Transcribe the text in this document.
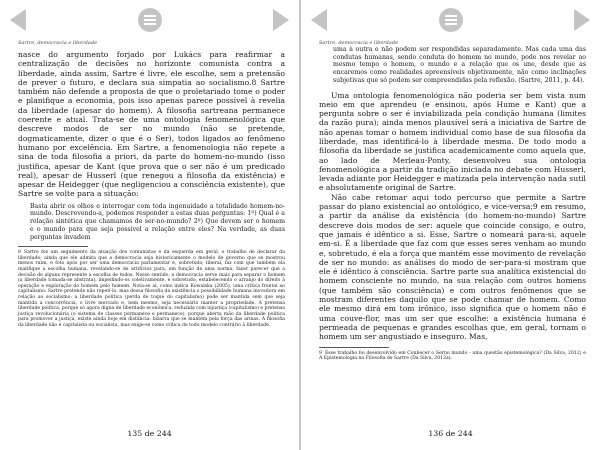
Sartre, democracia e liberdade

nasce do argumento forjado por Lukács para reafirmar a centralização de decisões no horizonte comunista contra a liberdade, ainda assim, Sartre é livre, ele escolhe, sem a pretensão de prever o futuro, e declara sua simpatia ao socialismo.8 Sartre também não defende a proposta de que o proletariado tome o poder e planifique a economia, pois isso apenas parece possível à revelia da liberdade (apesar do homem). A filosofia sartreana permanece coerente e atual. Trata-se de uma ontologia fenomenológica que descreve modos de ser no mundo (não se pretende, dogmaticamente, dizer o que é o Ser), todos ligados ao fenômeno humano por excelência. Em Sartre, a fenomenologia não repete a sina de toda filosofia a priori, da parte do homem-no-mundo (isso justifica, apesar de Kant (que prova que o ser não é um predicado real), apesar de Husserl (que renegou a filosofia da existência) e apesar de Heidegger (que negligenciou a consciência existente), que Sartre se volte para a situação:

Basta abrir os olhos e interrogar com toda ingenuidade a totalidade homem-no-mundo. Descrevendo-a, podemos responder a estas duas perguntas: 1º) Qual é a relação sintética que chamamos de ser-no-mundo? 2º) Que devem ser o homem e o mundo para que seja possível a relação entre eles? Na verdade, as duas perguntas invadem
8 Sartre fez um seguimento da atuação dos comunistas e da esquerda em geral, o trabalho de declarar da liberdade; ainda que ele admita que a democracia seja historicamente o modelo de governo que se mostrou menos ruim, e foto após por ser uma democracia parlamentar e, sobretudo, liberal, faz com que também ela matifique a escolha humana, revelando-se de artifícios para, em função de uma norma, fazer parecer que a decisão de alguns represente a escolha de todos. Nesse sentido, a democracia serve mais para separar o homem (a liberdade tomada-se abstrata), impedindo-os coletivamente, e sobretudo, estabelecendo o arranjo do direito à operação e exploração do homem pelo homem. Nota-se aí, como indica Kowalska (2005), uma crítica frontal ao capitalismo: Sartre pretende não repetí-lo, mas dessa filosofia da existência o possibilidade humana inovadora em relação ao socialismo: a liberdade política (perda de toque do capitalismo) pode ser mantida sem que seja mantida a concorrência, o livre mercado e, nem mesmo, seja necessário manter a propriedade. A pretensa liberdade política, porque só agora digna de liberdade econômica, reduzida com injustiça (capitalismo) e pretensa justiça revolucionária (o sistema de classes permanece e permanece), porque aberta mão da liberdade política para promover a justiça, existe ainda hoje em distância: bizarra que se mantém pela força das armas. A filosofia da liberdade não é capitalista ou socialista, mas exige-se como crítica de todo modelo contrário à liberdade.
135 de 244
Sartre, democracia e liberdade
uma à outra e não podem ser respondidas separadamente. Mas cada uma das condutas humanas, sendo conduta do homem no mundo, pode nos revelar ao mesmo tempo o homem, o mundo e a relação que os une, desde que as encaremos como realidades apreensíveis objetivamente, não como inclinações subjetivas que só podem ser compreendidas pela reflexão. (Sartre, 2011, p. 44).

Uma ontologia fenomenológica não poderia ser bem vista num meio em que aprendeu (e ensinou, após Hume e Kant) que a pergunta sobre o ser é inviabilizada pela condição humana (limites da razão pura); ainda menos plausível será a iniciativa de Sartre de não apenas tomar o homem individual como base de sua filosofia da liberdade, mas identificá-lo à liberdade mesma. De todo modo a filosofia da liberdade se justifica academicamente como aquela que, ao lado de Merleau-Ponty, desenvolveu sua ontologia fenomenológica a partir da tradição iniciada no debate com Husserl, levada adiante por Heidegger e matizada pela intervenção nada sutil e absolutamente original de Sartre.

Não cabe retomar aqui todo percurso que permite a Sartre passar do plano existencial ao ontológico, e vice-versa;9 em resumo, a partir da análise da existência (do homem-no-mundo) Sartre descreve dois modos de ser: aquele que coincide consigo, e outro, que jamais é idêntico a si. Esse, Sartre o nomeará para-si, aquele em-si. É a liberdade que faz com que esses seres venham ao mundo e, sobretudo, é ela a força que mantém esse movimento de revelação de ser no mundo: as análises do modo de ser-para-si mostram que ele é idêntico à consciência. Sartre parte sua analítica existencial do homem consciente no mundo, na sua relação com outros homens (que também são consciência) e com outros fenômenos que se mostram diferentes daquilo que se pode chamar de homem. Como ele mesmo dirá em tom irônico, isso significa que o homem não é uma couve-flor, mas um ser que escolhe: a existência humana é permeada de pequenas e grandes escolhas que, em geral, tornam o homem um ser angustiado e inseguro. Mas,

9 Esse trabalho foi desenvolvido em Conhecer o Serno mundo - uma questão epistemológica? (Da Silva, 2012) e A Epistemologia na Filosofia de Sartre (Da Silva, 2012a).
136 de 244
